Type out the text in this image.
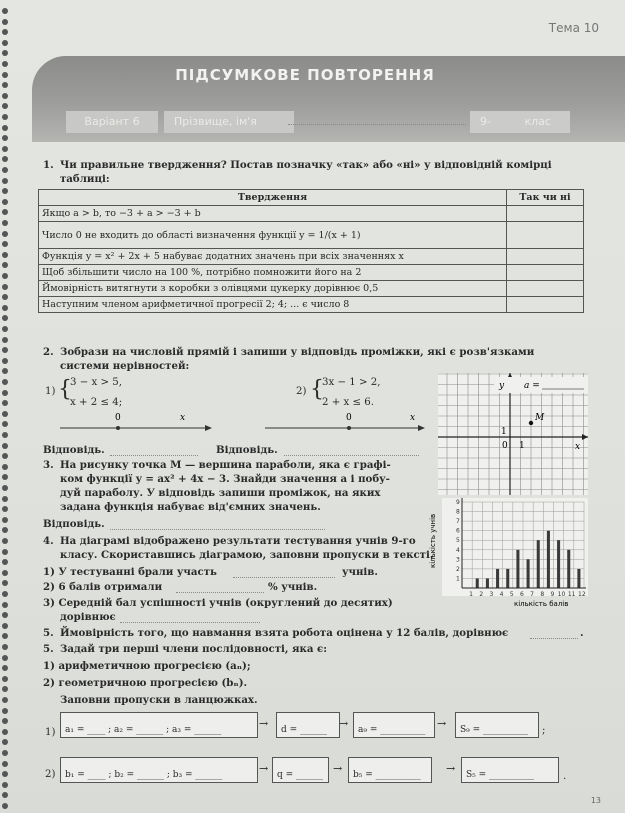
Тема 10
ПІДСУМКОВЕ ПОВТОРЕННЯ
Варіант 6	Прізвище, ім'я	9-	клас
1. Чи правильне твердження? Постав позначку «так» або «ні» у відповідній комірці
таблиці:
Твердження	Так чи ні
Якщо a > b, то −3 + a > −3 + b	
Число 0 не входить до області визначення функції y = 1/(x + 1)	
Функція y = x² + 2x + 5 набуває додатних значень при всіх значеннях x	
Щоб збільшити число на 100 %, потрібно помножити його на 2	
Ймовірність витягнути з коробки з олівцями цукерку дорівнює 0,5	
Наступним членом арифметичної прогресії 2; 4; ... є число 8	
2. Зобрази на числовій прямій і запиши у відповідь проміжки, які є розв'язками
системи нерівностей:
1) {
3 − x > 5,
x + 2 ≤ 4;
2) {
3x − 1 > 2,
2 + x ≤ 6.
0	x	0	x
Відповідь.	Відповідь.
3. На рисунку точка M — вершина параболи, яка є графі-
ком функції y = ax² + 4x − 3. Знайди значення a і побу-
дуй параболу. У відповідь запиши проміжок, на яких
задана функція набуває від'ємних значень.
Відповідь.
y a =
M
1
0 1	x
4. На діаграмі відображено результати тестування учнів 9-го
класу. Скориставшись діаграмою, заповни пропуски в тексті.
1) У тестуванні брали участь	учнів.
2) 6 балів отримали	% учнів.
3) Середній бал успішності учнів (округлений до десятих)
дорівнює
1
2
3
4
5
6
7
8
9
1 2 3 4 5 6 7 8 9 10 11 12
кількість учнів
кількість балів
5. Ймовірність того, що навмання взята робота оцінена у 12 балів, дорівнює	.
5. Задай три перші члени послідовності, яка є:
1) арифметичною прогресією (aₙ);
2) геометричною прогресією (bₙ).
Заповни пропуски в ланцюжках.
1) a₁ = ____ ; a₂ = ______ ; a₃ = ______	→ d = ______ → a₉ = __________ → S₉ = __________ ;
2) b₁ = ____ ; b₂ = ______ ; b₃ = ______	→ q = ______ → b₅ = __________ → S₅ = __________	.
13
